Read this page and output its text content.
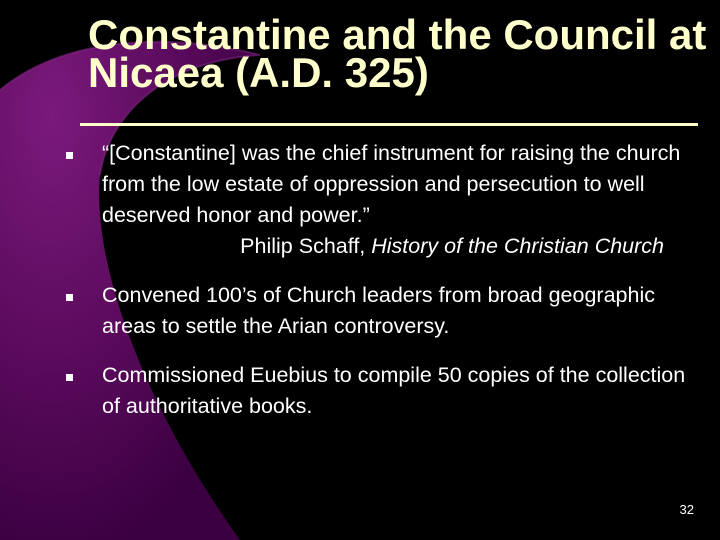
Constantine and the Council at Nicaea (A.D. 325)
“[Constantine] was the chief instrument for raising the church from the low estate of oppression and persecution to well deserved honor and power.”
Philip Schaff, History of the Christian Church
Convened 100’s of Church leaders from broad geographic areas to settle the Arian controversy.
Commissioned Euebius to compile 50 copies of the collection of authoritative books.
32
